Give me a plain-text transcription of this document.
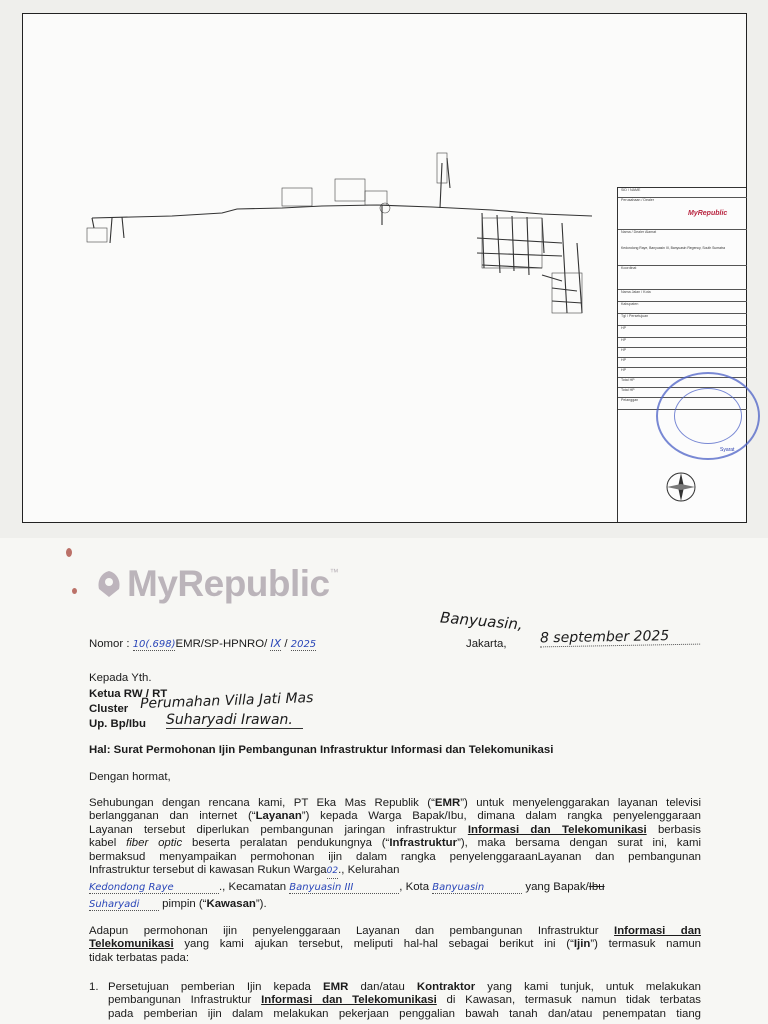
SID / NAME
Perusahaan / Dealer
MyRepublic
Nama / Dealer Alamat
Kedondong Raye, Banyuasin III, Banyuasin Regency, South Sumatra
Koordinat
Nama Jalan / Kota
Kabupaten
Tgl / Persetujuan
HP
HP
HP
HP
HP
Total HP
Total HP
Pelanggan
Syarat
MyRepublic ™
Nomor : 10(.698)EMR/SP-HPNRO/ IX / 2025
Banyuasin,
Jakarta, 8 september 2025
Kepada Yth.
Ketua RW / RT
Cluster Perumahan Villa Jati Mas
Up. Bp/Ibu Suharyadi Irawan.
Hal: Surat Permohonan Ijin Pembangunan Infrastruktur Informasi dan Telekomunikasi
Dengan hormat,
Sehubungan dengan rencana kami, PT Eka Mas Republik (“EMR”) untuk menyelenggarakan layanan televisi
berlangganan dan internet (“Layanan”) kepada Warga Bapak/Ibu, dimana dalam rangka penyelenggaraan
Layanan tersebut diperlukan pembangunan jaringan infrastruktur Informasi dan Telekomunikasi berbasis
kabel fiber optic beserta peralatan pendukungnya (“Infrastruktur”), maka bersama dengan surat ini, kami
bermaksud menyampaikan permohonan ijin dalam rangka penyelenggaraanLayanan dan pembangunan
Infrastruktur tersebut di kawasan Rukun Warga02., Kelurahan
Kedondong Raye	., Kecamatan Banyuasin III	, Kota Banyuasin	yang Bapak/Ibu
Suharyadi pimpin (“Kawasan”).
Adapun permohonan ijin penyelenggaraan Layanan dan pembangunan Infrastruktur Informasi dan
Telekomunikasi yang kami ajukan tersebut, meliputi hal-hal sebagai berikut ini (“Ijin”) termasuk namun
tidak terbatas pada:
1. Persetujuan pemberian Ijin kepada EMR dan/atau Kontraktor yang kami tunjuk, untuk melakukan
pembangunan Infrastruktur Informasi dan Telekomunikasi di Kawasan, termasuk namun tidak terbatas
pada pemberian ijin dalam melakukan pekerjaan penggalian bawah tanah dan/atau penempatan tiang
